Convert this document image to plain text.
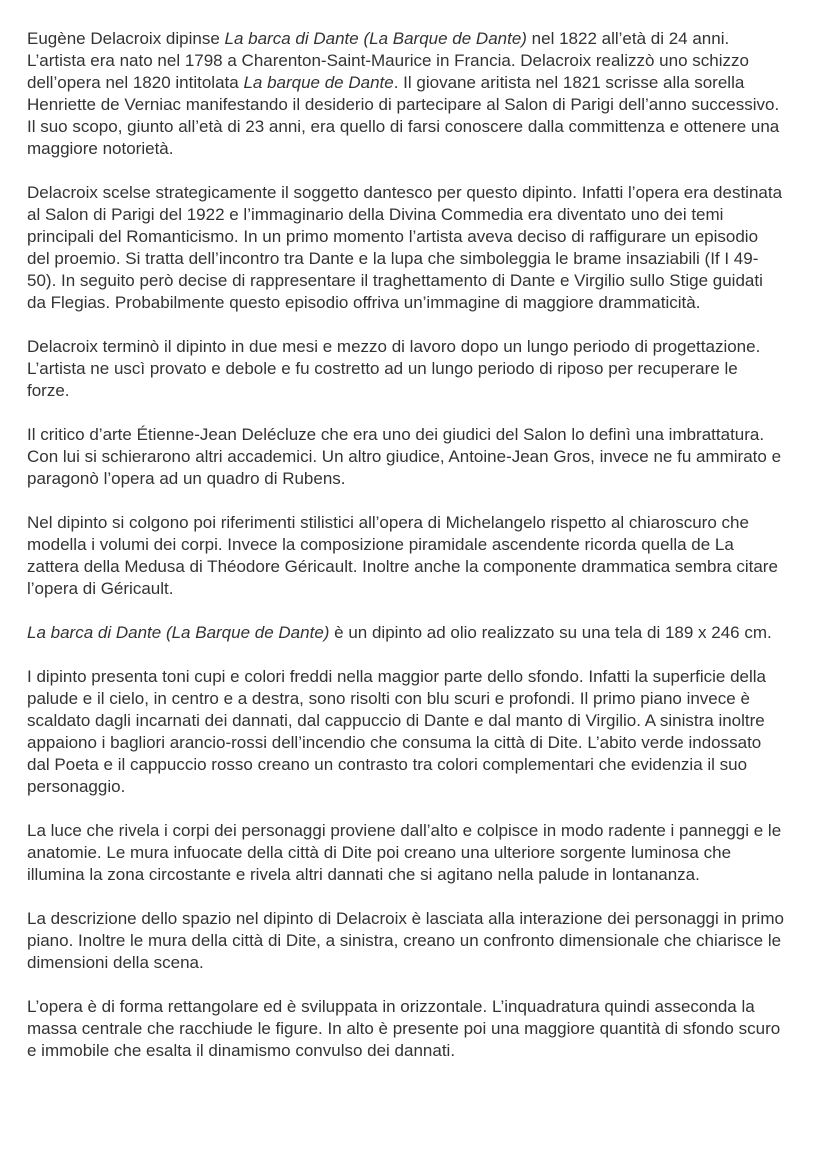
Eugène Delacroix dipinse La barca di Dante (La Barque de Dante) nel 1822 all’età di 24 anni. L’artista era nato nel 1798 a Charenton-Saint-Maurice in Francia. Delacroix realizzò uno schizzo dell’opera nel 1820 intitolata La barque de Dante. Il giovane aritista nel 1821 scrisse alla sorella Henriette de Verniac manifestando il desiderio di partecipare al Salon di Parigi dell’anno successivo. Il suo scopo, giunto all’età di 23 anni, era quello di farsi conoscere dalla committenza e ottenere una maggiore notorietà.

Delacroix scelse strategicamente il soggetto dantesco per questo dipinto. Infatti l’opera era destinata al Salon di Parigi del 1922 e l’immaginario della Divina Commedia era diventato uno dei temi principali del Romanticismo. In un primo momento l’artista aveva deciso di raffigurare un episodio del proemio. Si tratta dell’incontro tra Dante e la lupa che simboleggia le brame insaziabili (If I 49-50). In seguito però decise di rappresentare il traghettamento di Dante e Virgilio sullo Stige guidati da Flegias. Probabilmente questo episodio offriva un’immagine di maggiore drammaticità.

Delacroix terminò il dipinto in due mesi e mezzo di lavoro dopo un lungo periodo di progettazione. L’artista ne uscì provato e debole e fu costretto ad un lungo periodo di riposo per recuperare le forze.

Il critico d’arte Étienne-Jean Delécluze che era uno dei giudici del Salon lo definì una imbrattatura. Con lui si schierarono altri accademici. Un altro giudice, Antoine-Jean Gros, invece ne fu ammirato e paragonò l’opera ad un quadro di Rubens.

Nel dipinto si colgono poi riferimenti stilistici all’opera di Michelangelo rispetto al chiaroscuro che modella i volumi dei corpi. Invece la composizione piramidale ascendente ricorda quella de La zattera della Medusa di Théodore Géricault. Inoltre anche la componente drammatica sembra citare l’opera di Géricault.

La barca di Dante (La Barque de Dante) è un dipinto ad olio realizzato su una tela di 189 x 246 cm.

I dipinto presenta toni cupi e colori freddi nella maggior parte dello sfondo. Infatti la superficie della palude e il cielo, in centro e a destra, sono risolti con blu scuri e profondi. Il primo piano invece è scaldato dagli incarnati dei dannati, dal cappuccio di Dante e dal manto di Virgilio. A sinistra inoltre appaiono i bagliori arancio-rossi dell’incendio che consuma la città di Dite. L’abito verde indossato dal Poeta e il cappuccio rosso creano un contrasto tra colori complementari che evidenzia il suo personaggio.

La luce che rivela i corpi dei personaggi proviene dall’alto e colpisce in modo radente i panneggi e le anatomie. Le mura infuocate della città di Dite poi creano una ulteriore sorgente luminosa che illumina la zona circostante e rivela altri dannati che si agitano nella palude in lontananza.

La descrizione dello spazio nel dipinto di Delacroix è lasciata alla interazione dei personaggi in primo piano. Inoltre le mura della città di Dite, a sinistra, creano un confronto dimensionale che chiarisce le dimensioni della scena.

L’opera è di forma rettangolare ed è sviluppata in orizzontale. L’inquadratura quindi asseconda la massa centrale che racchiude le figure. In alto è presente poi una maggiore quantità di sfondo scuro e immobile che esalta il dinamismo convulso dei dannati.
